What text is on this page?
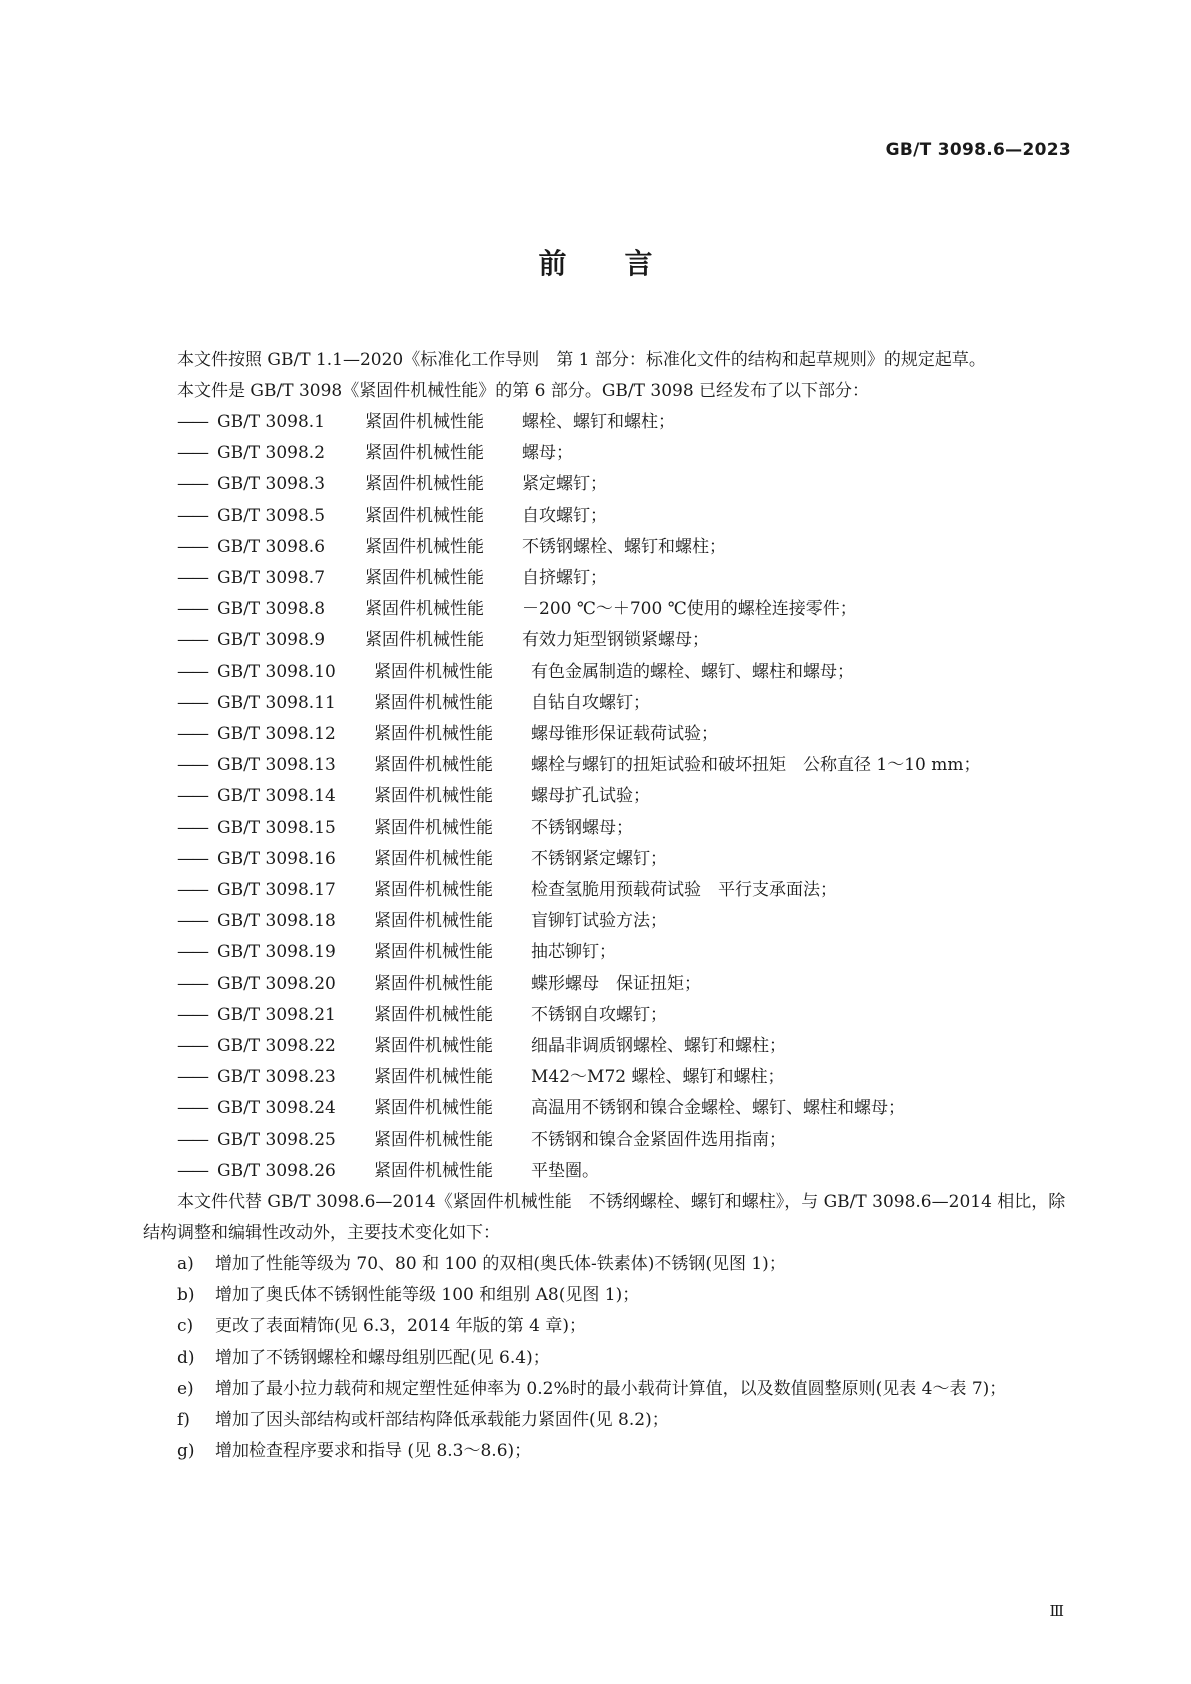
GB/T 3098.6—2023
前言

本文件按照 GB/T 1.1—2020《标准化工作导则　第 1 部分：标准化文件的结构和起草规则》的规定起草。

本文件是 GB/T 3098《紧固件机械性能》的第 6 部分。GB/T 3098 已经发布了以下部分：

—— GB/T 3098.1	紧固件机械性能	螺栓、螺钉和螺柱；
—— GB/T 3098.2	紧固件机械性能	螺母；
—— GB/T 3098.3	紧固件机械性能	紧定螺钉；
—— GB/T 3098.5	紧固件机械性能	自攻螺钉；
—— GB/T 3098.6	紧固件机械性能	不锈钢螺栓、螺钉和螺柱；
—— GB/T 3098.7	紧固件机械性能	自挤螺钉；
—— GB/T 3098.8	紧固件机械性能	－200 ℃～＋700 ℃使用的螺栓连接零件；
—— GB/T 3098.9	紧固件机械性能	有效力矩型钢锁紧螺母；
—— GB/T 3098.10	紧固件机械性能	有色金属制造的螺栓、螺钉、螺柱和螺母；
—— GB/T 3098.11	紧固件机械性能	自钻自攻螺钉；
—— GB/T 3098.12	紧固件机械性能	螺母锥形保证载荷试验；
—— GB/T 3098.13	紧固件机械性能	螺栓与螺钉的扭矩试验和破坏扭矩　公称直径 1～10 mm；
—— GB/T 3098.14	紧固件机械性能	螺母扩孔试验；
—— GB/T 3098.15	紧固件机械性能	不锈钢螺母；
—— GB/T 3098.16	紧固件机械性能	不锈钢紧定螺钉；
—— GB/T 3098.17	紧固件机械性能	检查氢脆用预载荷试验　平行支承面法；
—— GB/T 3098.18	紧固件机械性能	盲铆钉试验方法；
—— GB/T 3098.19	紧固件机械性能	抽芯铆钉；
—— GB/T 3098.20	紧固件机械性能	蝶形螺母　保证扭矩；
—— GB/T 3098.21	紧固件机械性能	不锈钢自攻螺钉；
—— GB/T 3098.22	紧固件机械性能	细晶非调质钢螺栓、螺钉和螺柱；
—— GB/T 3098.23	紧固件机械性能	M42～M72 螺栓、螺钉和螺柱；
—— GB/T 3098.24	紧固件机械性能	高温用不锈钢和镍合金螺栓、螺钉、螺柱和螺母；
—— GB/T 3098.25	紧固件机械性能	不锈钢和镍合金紧固件选用指南；
—— GB/T 3098.26	紧固件机械性能	平垫圈。

本文件代替 GB/T 3098.6—2014《紧固件机械性能　不锈纲螺栓、螺钉和螺柱》，与 GB/T 3098.6—2014 相比，除结构调整和编辑性改动外，主要技术变化如下：

a)	增加了性能等级为 70、80 和 100 的双相(奥氏体-铁素体)不锈钢(见图 1)；
b)	增加了奥氏体不锈钢性能等级 100 和组别 A8(见图 1)；
c)	更改了表面精饰(见 6.3，2014 年版的第 4 章)；
d)	增加了不锈钢螺栓和螺母组别匹配(见 6.4)；
e)	增加了最小拉力载荷和规定塑性延伸率为 0.2%时的最小载荷计算值，以及数值圆整原则(见表 4～表 7)；
f)	增加了因头部结构或杆部结构降低承载能力紧固件(见 8.2)；
g)	增加检查程序要求和指导 (见 8.3～8.6)；
Ⅲ
